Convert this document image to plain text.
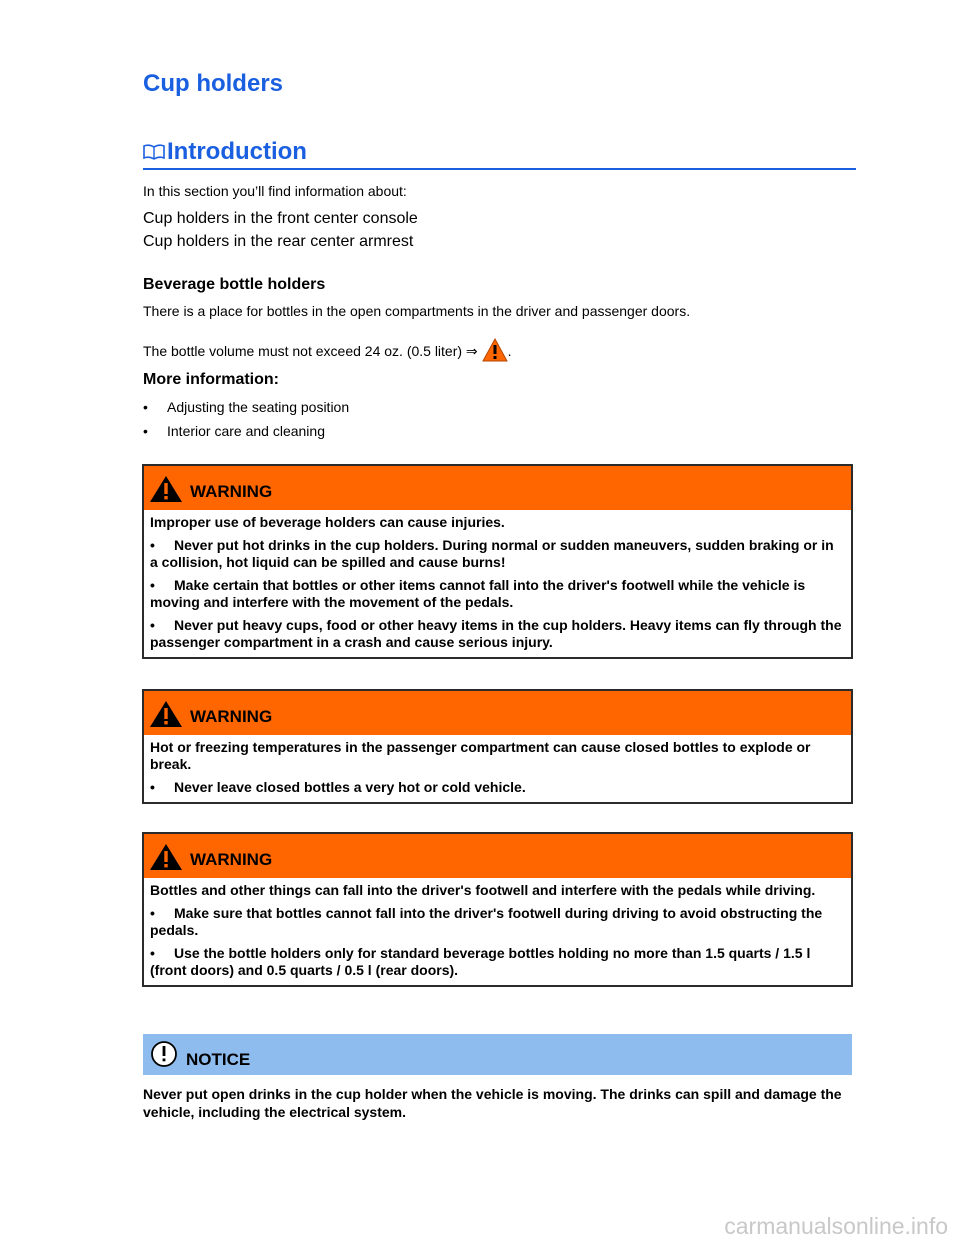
Cup holders
Introduction
In this section you’ll find information about:
Cup holders in the front center console
Cup holders in the rear center armrest
Beverage bottle holders
There is a place for bottles in the open compartments in the driver and passenger doors.
The bottle volume must not exceed 24 oz. (0.5 liter) ⇒ .
More information:
• Adjusting the seating position
• Interior care and cleaning
WARNING

Improper use of beverage holders can cause injuries.

• Never put hot drinks in the cup holders. During normal or sudden maneuvers, sudden braking or in a collision, hot liquid can be spilled and cause burns!

• Make certain that bottles or other items cannot fall into the driver's footwell while the vehicle is moving and interfere with the movement of the pedals.

• Never put heavy cups, food or other heavy items in the cup holders. Heavy items can fly through the passenger compartment in a crash and cause serious injury.

WARNING

Hot or freezing temperatures in the passenger compartment can cause closed bottles to explode or break.

• Never leave closed bottles a very hot or cold vehicle.

WARNING

Bottles and other things can fall into the driver's footwell and interfere with the pedals while driving.

• Make sure that bottles cannot fall into the driver's footwell during driving to avoid obstructing the pedals.

• Use the bottle holders only for standard beverage bottles holding no more than 1.5 quarts / 1.5 l (front doors) and 0.5 quarts / 0.5 l (rear doors).

NOTICE
Never put open drinks in the cup holder when the vehicle is moving. The drinks can spill and damage the vehicle, including the electrical system.
carmanualsonline.info
